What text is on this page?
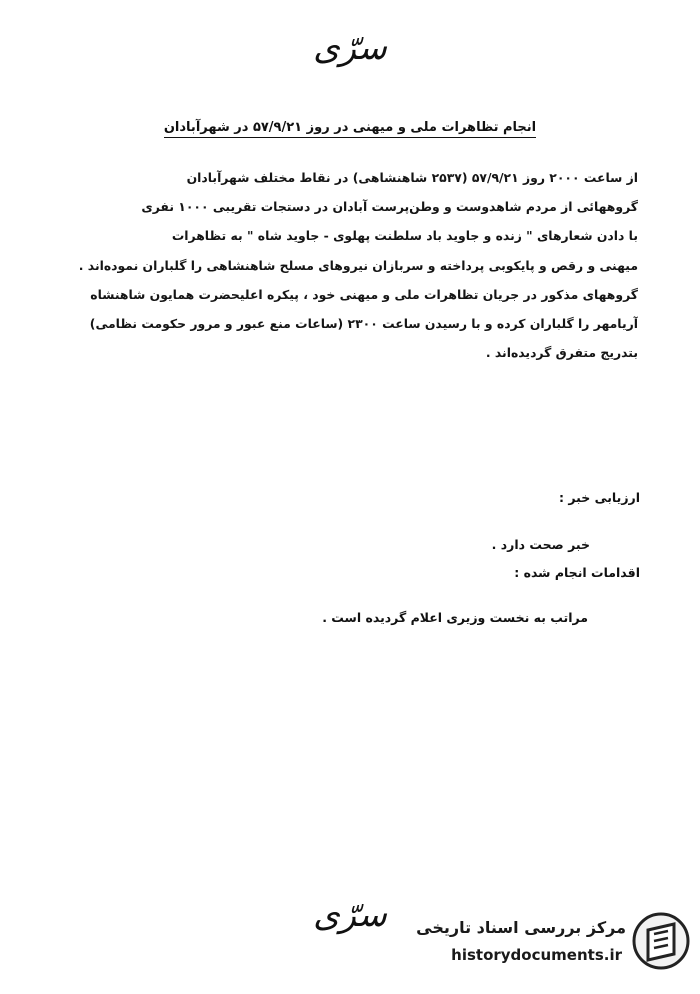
سرّی
انجام تظاهرات ملی و میهنی در روز ۵۷/۹/۲۱ در شهرآبادان
از ساعت ۲۰۰۰ روز ۵۷/۹/۲۱ (۲۵۳۷ شاهنشاهی) در نقاط مختلف شهرآبادان
گروههائی از مردم شاهدوست و وطن‌پرست آبادان در دستجات تقریبی ۱۰۰۰ نفری
با دادن شعارهای " زنده و جاوید باد سلطنت پهلوی - جاوید شاه " به تظاهرات
میهنی و رقص و پایکوبی پرداخته و سربازان نیروهای مسلح شاهنشاهی را گلباران نموده‌اند .
گروههای مذکور در جریان تظاهرات ملی و میهنی خود ، پیکره اعلیحضرت همایون شاهنشاه
آریامهر را گلباران کرده و با رسیدن ساعت ۲۳۰۰ (ساعات منع عبور و مرور حکومت نظامی)
بتدریج متفرق گردیده‌اند .
ارزیابی خبر :
خبر صحت دارد .
اقدامات انجام شده :
مراتب به نخست وزیری اعلام گردیده است .
سرّی	مرکز بررسی اسناد تاریخی
historydocuments.ir
